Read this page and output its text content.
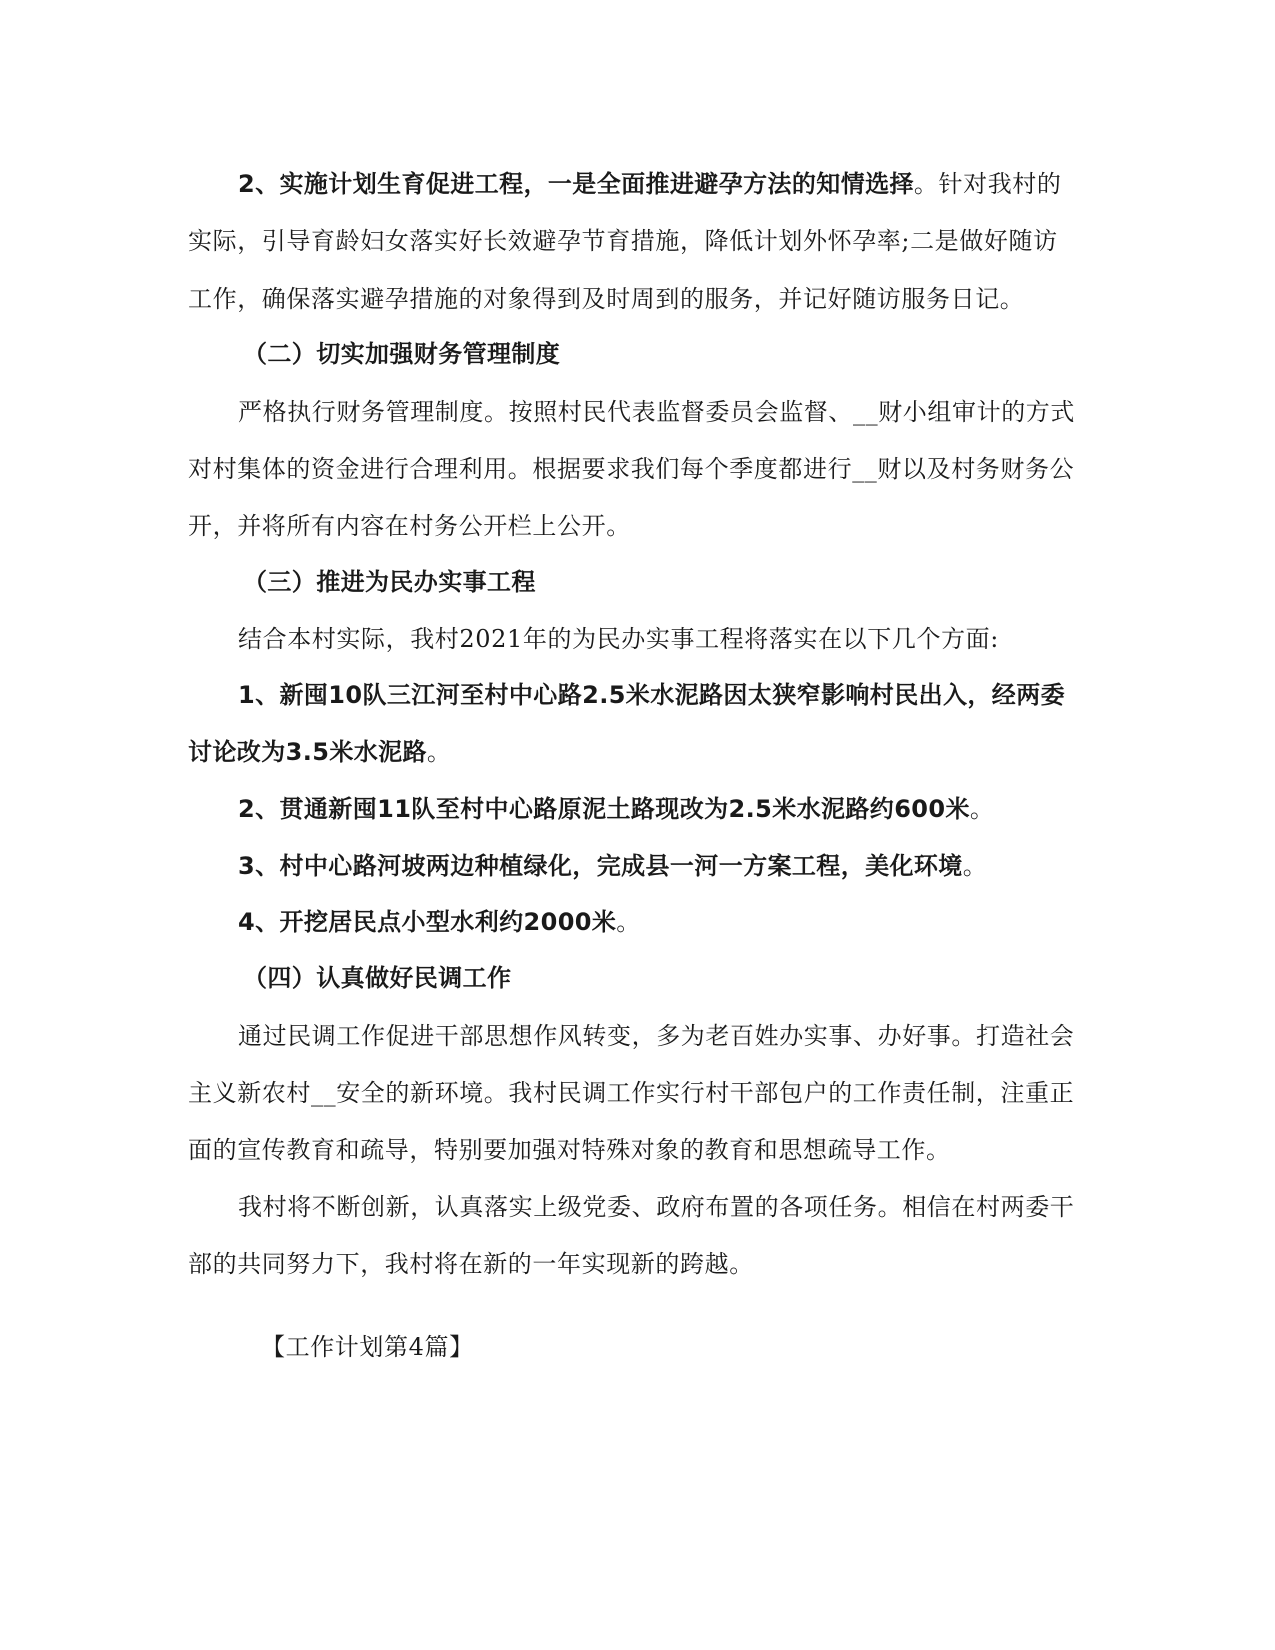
2、实施计划生育促进工程，一是全面推进避孕方法的知情选择。针对我村的
实际，引导育龄妇女落实好长效避孕节育措施，降低计划外怀孕率;二是做好随访
工作，确保落实避孕措施的对象得到及时周到的服务，并记好随访服务日记。
（二）切实加强财务管理制度
严格执行财务管理制度。按照村民代表监督委员会监督、__财小组审计的方式
对村集体的资金进行合理利用。根据要求我们每个季度都进行__财以及村务财务公
开，并将所有内容在村务公开栏上公开。
（三）推进为民办实事工程
结合本村实际，我村2021年的为民办实事工程将落实在以下几个方面:
1、新囤10队三江河至村中心路2.5米水泥路因太狭窄影响村民出入，经两委
讨论改为3.5米水泥路。
2、贯通新囤11队至村中心路原泥土路现改为2.5米水泥路约600米。
3、村中心路河坡两边种植绿化，完成县一河一方案工程，美化环境。
4、开挖居民点小型水利约2000米。
（四）认真做好民调工作
通过民调工作促进干部思想作风转变，多为老百姓办实事、办好事。打造社会
主义新农村__安全的新环境。我村民调工作实行村干部包户的工作责任制，注重正
面的宣传教育和疏导，特别要加强对特殊对象的教育和思想疏导工作。
我村将不断创新，认真落实上级党委、政府布置的各项任务。相信在村两委干
部的共同努力下，我村将在新的一年实现新的跨越。
【工作计划第4篇】
